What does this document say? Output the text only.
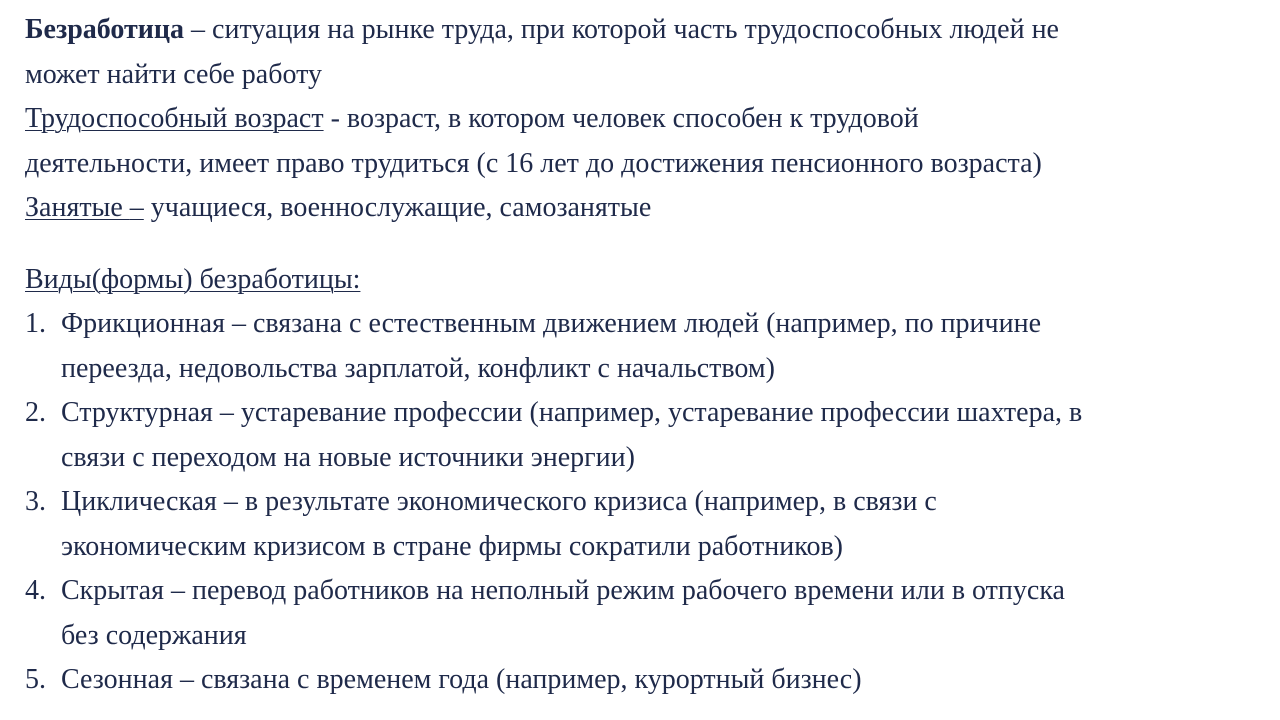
Безработица – ситуация на рынке труда, при которой часть трудоспособных людей не
может найти себе работу
Трудоспособный возраст - возраст, в котором человек способен к трудовой
деятельности, имеет право трудиться (с 16 лет до достижения пенсионного возраста)
Занятые – учащиеся, военнослужащие, самозанятые
Виды(формы) безработицы:
1. Фрикционная – связана с естественным движением людей (например, по причине
переезда, недовольства зарплатой, конфликт с начальством)
2. Структурная – устаревание профессии (например, устаревание профессии шахтера, в
связи с переходом на новые источники энергии)
3. Циклическая – в результате экономического кризиса (например, в связи с
экономическим кризисом в стране фирмы сократили работников)
4. Скрытая – перевод работников на неполный режим рабочего времени или в отпуска
без содержания
5. Сезонная – связана с временем года (например, курортный бизнес)
